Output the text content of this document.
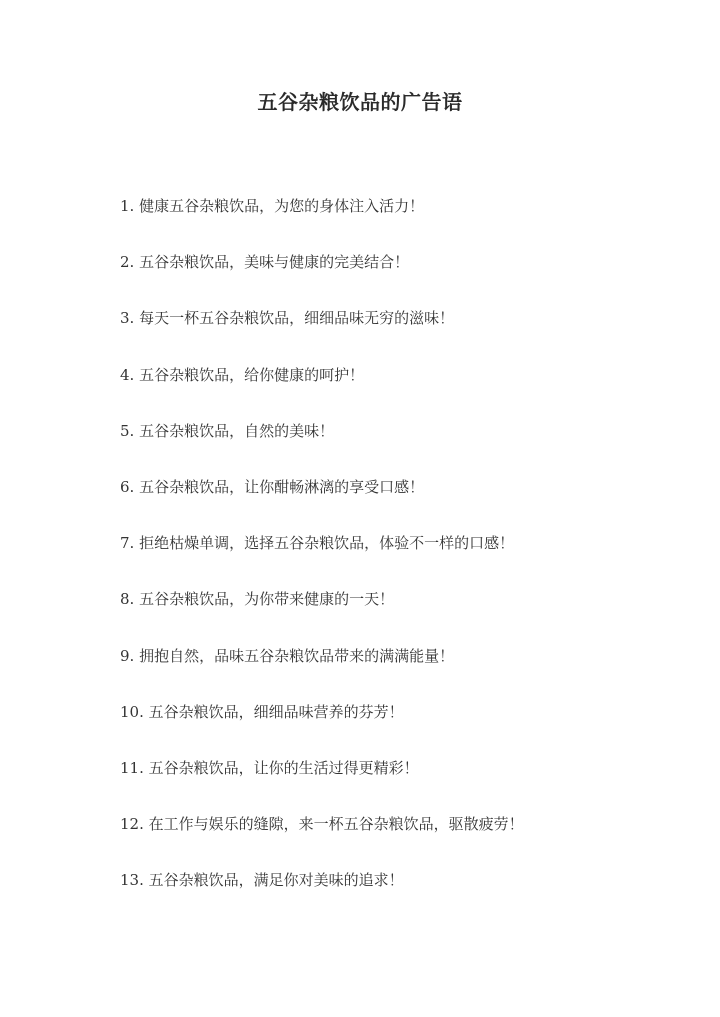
五谷杂粮饮品的广告语
1. 健康五谷杂粮饮品，为您的身体注入活力！
2. 五谷杂粮饮品，美味与健康的完美结合！
3. 每天一杯五谷杂粮饮品，细细品味无穷的滋味！
4. 五谷杂粮饮品，给你健康的呵护！
5. 五谷杂粮饮品，自然的美味！
6. 五谷杂粮饮品，让你酣畅淋漓的享受口感！
7. 拒绝枯燥单调，选择五谷杂粮饮品，体验不一样的口感！
8. 五谷杂粮饮品，为你带来健康的一天！
9. 拥抱自然，品味五谷杂粮饮品带来的满满能量！
10. 五谷杂粮饮品，细细品味营养的芬芳！
11. 五谷杂粮饮品，让你的生活过得更精彩！
12. 在工作与娱乐的缝隙，来一杯五谷杂粮饮品，驱散疲劳！
13. 五谷杂粮饮品，满足你对美味的追求！
